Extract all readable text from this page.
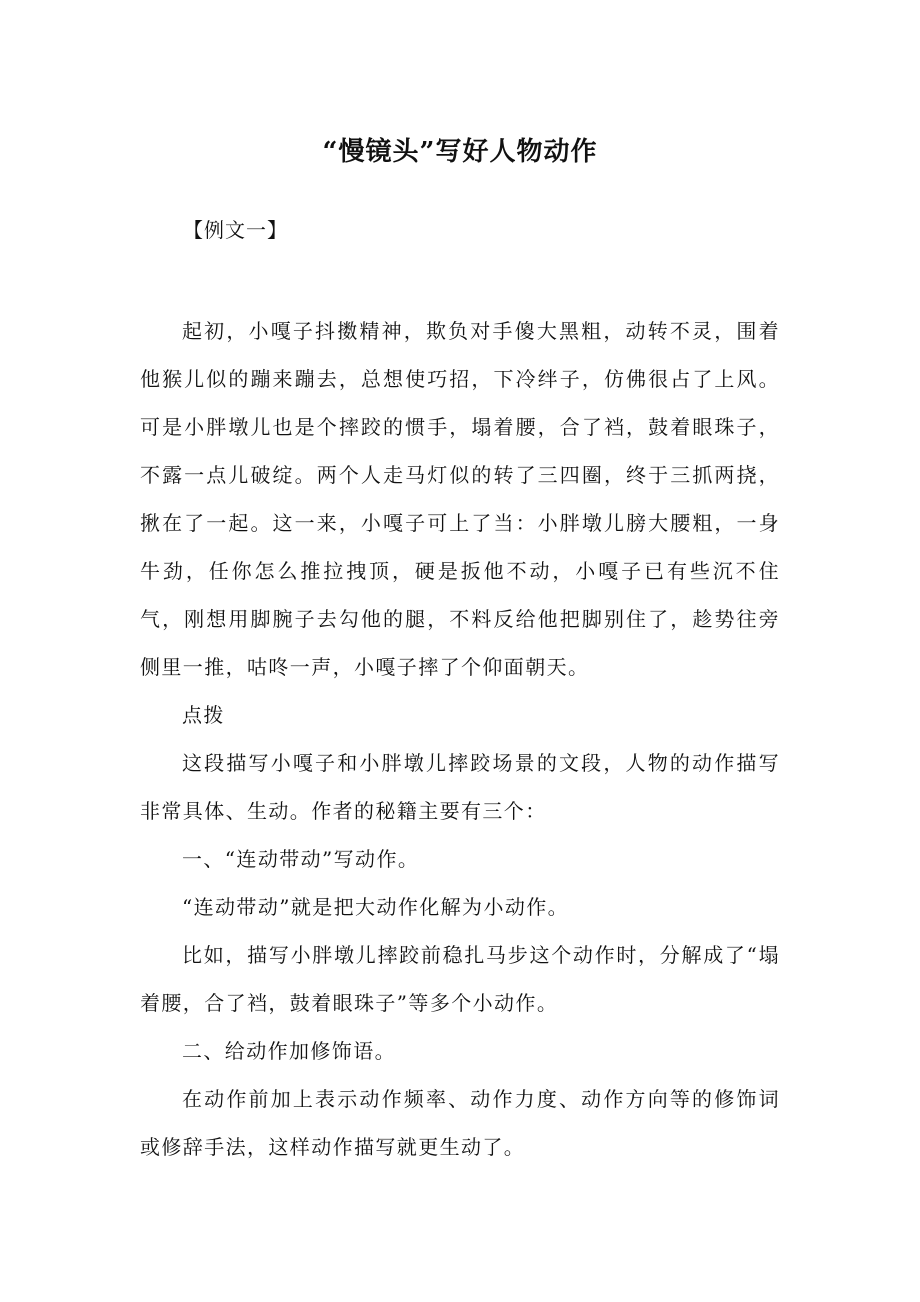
“慢镜头”写好人物动作
【例文一】

起初，小嘎子抖擞精神，欺负对手傻大黑粗，动转不灵，围着他猴儿似的蹦来蹦去，总想使巧招，下冷绊子，仿佛很占了上风。可是小胖墩儿也是个摔跤的惯手，塌着腰，合了裆，鼓着眼珠子，不露一点儿破绽。两个人走马灯似的转了三四圈，终于三抓两挠，揪在了一起。这一来，小嘎子可上了当：小胖墩儿膀大腰粗，一身牛劲，任你怎么推拉拽顶，硬是扳他不动，小嘎子已有些沉不住气，刚想用脚腕子去勾他的腿，不料反给他把脚别住了，趁势往旁侧里一推，咕咚一声，小嘎子摔了个仰面朝天。

点拨

这段描写小嘎子和小胖墩儿摔跤场景的文段，人物的动作描写非常具体、生动。作者的秘籍主要有三个：

一、“连动带动”写动作。

“连动带动”就是把大动作化解为小动作。

比如，描写小胖墩儿摔跤前稳扎马步这个动作时，分解成了“塌着腰，合了裆，鼓着眼珠子”等多个小动作。

二、给动作加修饰语。

在动作前加上表示动作频率、动作力度、动作方向等的修饰词或修辞手法，这样动作描写就更生动了。
